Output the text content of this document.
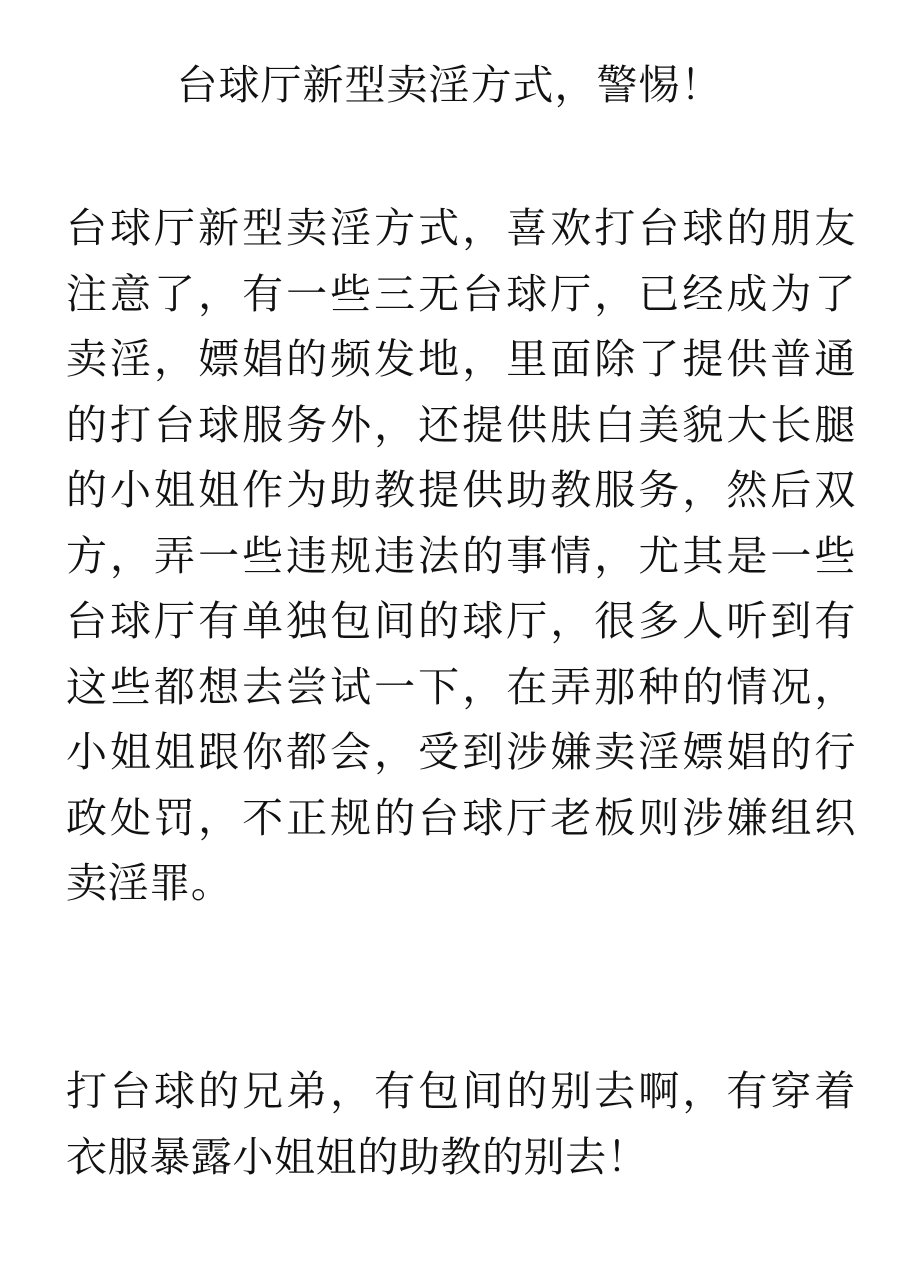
台球厅新型卖淫方式，警惕！

台球厅新型卖淫方式，喜欢打台球的朋友注意了，有一些三无台球厅，已经成为了卖淫，嫖娼的频发地，里面除了提供普通的打台球服务外，还提供肤白美貌大长腿的小姐姐作为助教提供助教服务，然后双方，弄一些违规违法的事情，尤其是一些台球厅有单独包间的球厅，很多人听到有这些都想去尝试一下，在弄那种的情况，小姐姐跟你都会，受到涉嫌卖淫嫖娼的行政处罚，不正规的台球厅老板则涉嫌组织卖淫罪。

打台球的兄弟，有包间的别去啊，有穿着衣服暴露小姐姐的助教的别去！
